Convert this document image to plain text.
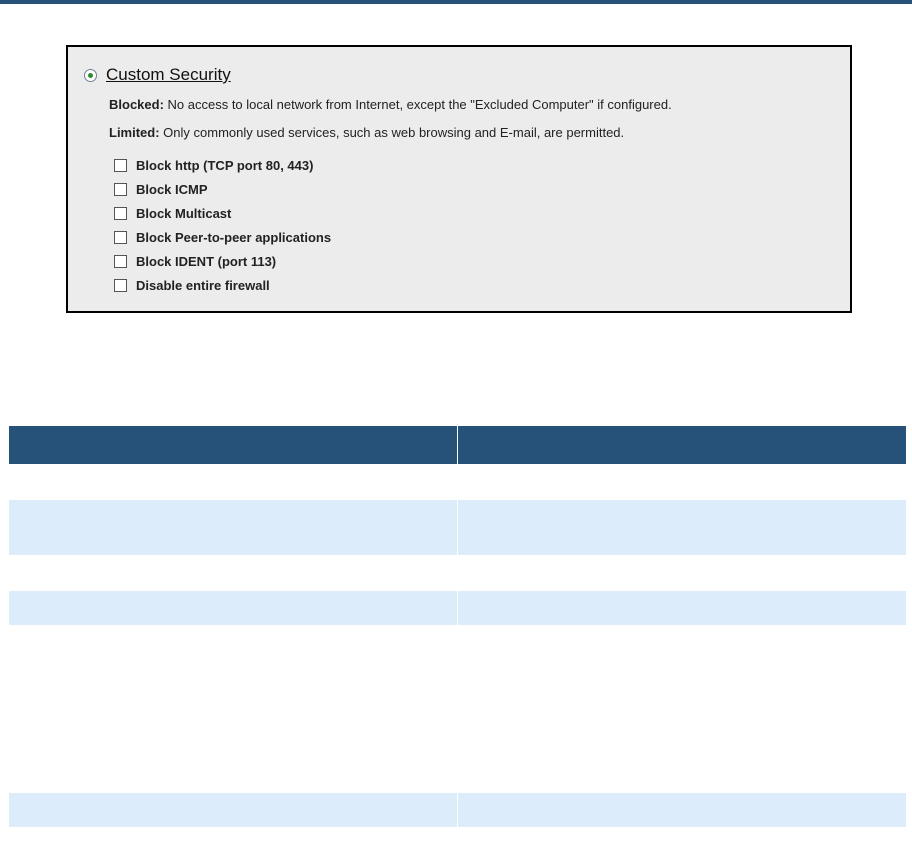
Custom Security
Blocked: No access to local network from Internet, except the "Excluded Computer" if configured.
Limited: Only commonly used services, such as web browsing and E-mail, are permitted.
Block http (TCP port 80, 443)
Block ICMP
Block Multicast
Block Peer-to-peer applications
Block IDENT (port 113)
Disable entire firewall
